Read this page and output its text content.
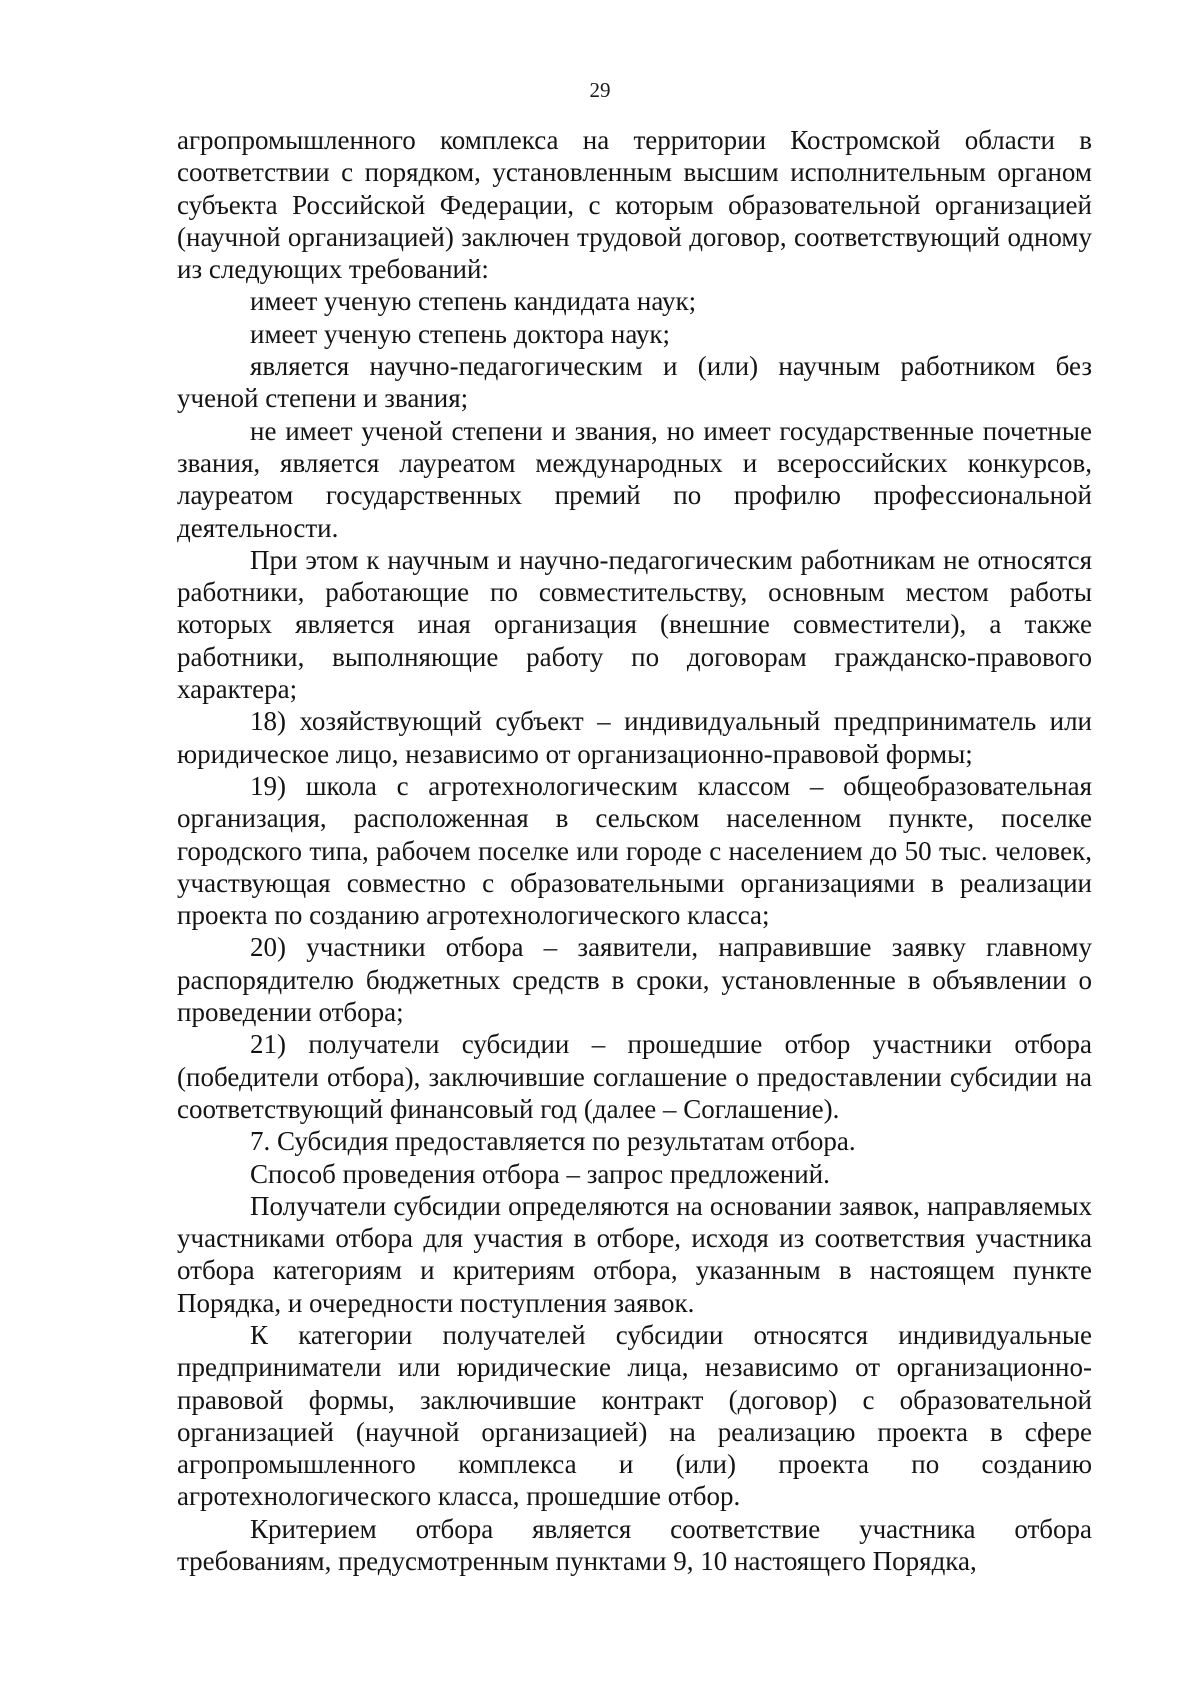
29

агропромышленного комплекса на территории Костромской области в соответствии с порядком, установленным высшим исполнительным органом субъекта Российской Федерации, с которым образовательной организацией (научной организацией) заключен трудовой договор, соответствующий одному из следующих требований:

имеет ученую степень кандидата наук;

имеет ученую степень доктора наук;

является научно-педагогическим и (или) научным работником без ученой степени и звания;

не имеет ученой степени и звания, но имеет государственные почетные звания, является лауреатом международных и всероссийских конкурсов, лауреатом государственных премий по профилю профессиональной деятельности.

При этом к научным и научно-педагогическим работникам не относятся работники, работающие по совместительству, основным местом работы которых является иная организация (внешние совместители), а также работники, выполняющие работу по договорам гражданско-правового характера;

18) хозяйствующий субъект – индивидуальный предприниматель или юридическое лицо, независимо от организационно-правовой формы;

19) школа с агротехнологическим классом – общеобразовательная организация, расположенная в сельском населенном пункте, поселке городского типа, рабочем поселке или городе с населением до 50 тыс. человек, участвующая совместно с образовательными организациями в реализации проекта по созданию агротехнологического класса;

20) участники отбора – заявители, направившие заявку главному распорядителю бюджетных средств в сроки, установленные в объявлении о проведении отбора;

21) получатели субсидии – прошедшие отбор участники отбора (победители отбора), заключившие соглашение о предоставлении субсидии на соответствующий финансовый год (далее – Соглашение).

7. Субсидия предоставляется по результатам отбора.

Способ проведения отбора – запрос предложений.

Получатели субсидии определяются на основании заявок, направляемых участниками отбора для участия в отборе, исходя из соответствия участника отбора категориям и критериям отбора, указанным в настоящем пункте Порядка, и очередности поступления заявок.

К категории получателей субсидии относятся индивидуальные предприниматели или юридические лица, независимо от организационно-правовой формы, заключившие контракт (договор) с образовательной организацией (научной организацией) на реализацию проекта в сфере агропромышленного комплекса и (или) проекта по созданию агротехнологического класса, прошедшие отбор.

Критерием отбора является соответствие участника отбора требованиям, предусмотренным пунктами 9, 10 настоящего Порядка,
